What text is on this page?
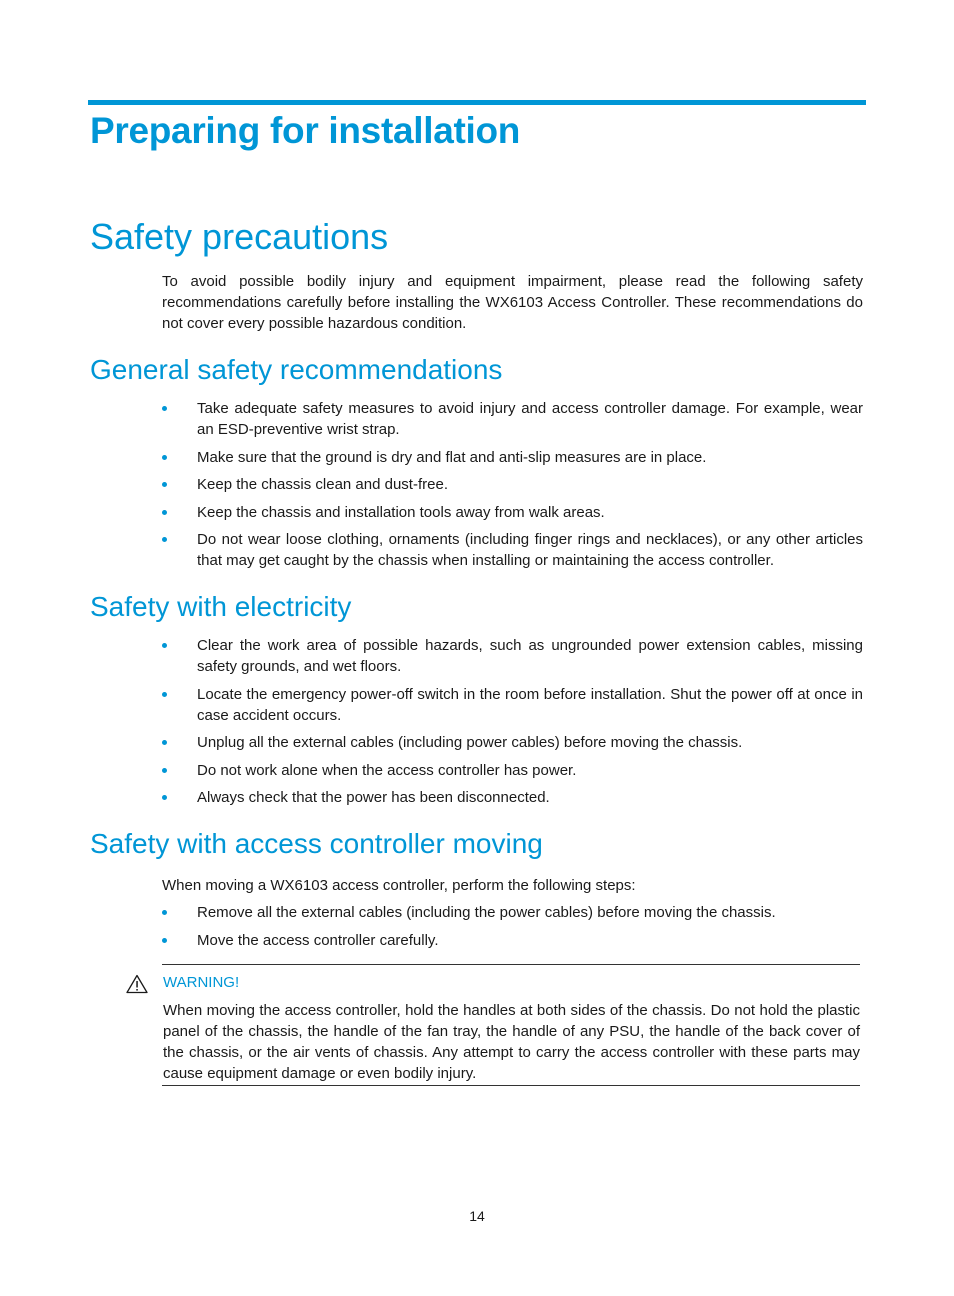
Preparing for installation
Safety precautions

To avoid possible bodily injury and equipment impairment, please read the following safety recommendations carefully before installing the WX6103 Access Controller. These recommendations do not cover every possible hazardous condition.

General safety recommendations
Take adequate safety measures to avoid injury and access controller damage. For example, wear an ESD-preventive wrist strap.
Make sure that the ground is dry and flat and anti-slip measures are in place.
Keep the chassis clean and dust-free.
Keep the chassis and installation tools away from walk areas.
Do not wear loose clothing, ornaments (including finger rings and necklaces), or any other articles that may get caught by the chassis when installing or maintaining the access controller.
Safety with electricity
Clear the work area of possible hazards, such as ungrounded power extension cables, missing safety grounds, and wet floors.
Locate the emergency power-off switch in the room before installation. Shut the power off at once in case accident occurs.
Unplug all the external cables (including power cables) before moving the chassis.
Do not work alone when the access controller has power.
Always check that the power has been disconnected.
Safety with access controller moving

When moving a WX6103 access controller, perform the following steps:

Remove all the external cables (including the power cables) before moving the chassis.
Move the access controller carefully.
WARNING!
When moving the access controller, hold the handles at both sides of the chassis. Do not hold the plastic panel of the chassis, the handle of the fan tray, the handle of any PSU, the handle of the back cover of the chassis, or the air vents of chassis. Any attempt to carry the access controller with these parts may cause equipment damage or even bodily injury.

14
